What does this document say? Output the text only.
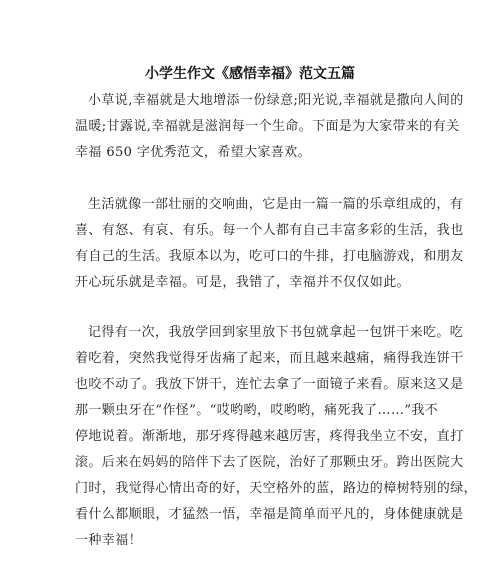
小学生作文《感悟幸福》范文五篇
小草说,幸福就是大地增添一份绿意;阳光说,幸福就是撒向人间的
温暖;甘露说,幸福就是滋润每一个生命。下面是为大家带来的有关
幸福 650 字优秀范文，希望大家喜欢。
生活就像一部壮丽的交响曲，它是由一篇一篇的乐章组成的，有
喜、有怒、有哀、有乐。每一个人都有自己丰富多彩的生活，我也
有自己的生活。我原本以为，吃可口的牛排，打电脑游戏，和朋友
开心玩乐就是幸福。可是，我错了，幸福并不仅仅如此。
记得有一次，我放学回到家里放下书包就拿起一包饼干来吃。吃
着吃着，突然我觉得牙齿痛了起来，而且越来越痛，痛得我连饼干
也咬不动了。我放下饼干，连忙去拿了一面镜子来看。原来这又是
那一颗虫牙在“作怪”。“哎哟哟，哎哟哟，痛死我了……”我不
停地说着。渐渐地，那牙疼得越来越厉害，疼得我坐立不安，直打
滚。后来在妈妈的陪伴下去了医院，治好了那颗虫牙。跨出医院大
门时，我觉得心情出奇的好，天空格外的蓝，路边的樟树特别的绿，
看什么都顺眼，才猛然一悟，幸福是简单而平凡的，身体健康就是
一种幸福！
